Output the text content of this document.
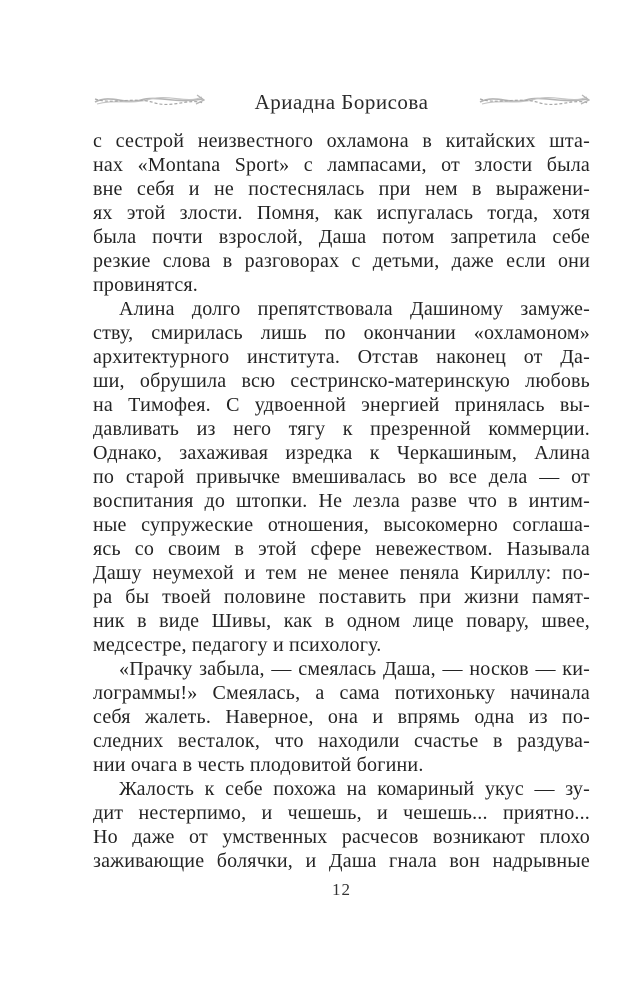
Ариадна Борисова
с сестрой неизвестного охламона в китайских шта-
нах «Montana Sport» с лампасами, от злости была
вне себя и не постеснялась при нем в выражени-
ях этой злости. Помня, как испугалась тогда, хотя
была почти взрослой, Даша потом запретила себе
резкие слова в разговорах с детьми, даже если они
провинятся.
Алина долго препятствовала Дашиному замуже-
ству, смирилась лишь по окончании «охламоном»
архитектурного института. Отстав наконец от Да-
ши, обрушила всю сестринско-материнскую любовь
на Тимофея. С удвоенной энергией принялась вы-
давливать из него тягу к презренной коммерции.
Однако, захаживая изредка к Черкашиным, Алина
по старой привычке вмешивалась во все дела — от
воспитания до штопки. Не лезла разве что в интим-
ные супружеские отношения, высокомерно соглаша-
ясь со своим в этой сфере невежеством. Называла
Дашу неумехой и тем не менее пеняла Кириллу: по-
ра бы твоей половине поставить при жизни памят-
ник в виде Шивы, как в одном лице повару, швее,
медсестре, педагогу и психологу.
«Прачку забыла, — смеялась Даша, — носков — ки-
лограммы!» Смеялась, а сама потихоньку начинала
себя жалеть. Наверное, она и впрямь одна из по-
следних весталок, что находили счастье в раздува-
нии очага в честь плодовитой богини.
Жалость к себе похожа на комариный укус — зу-
дит нестерпимо, и чешешь, и чешешь... приятно...
Но даже от умственных расчесов возникают плохо
заживающие болячки, и Даша гнала вон надрывные
12
